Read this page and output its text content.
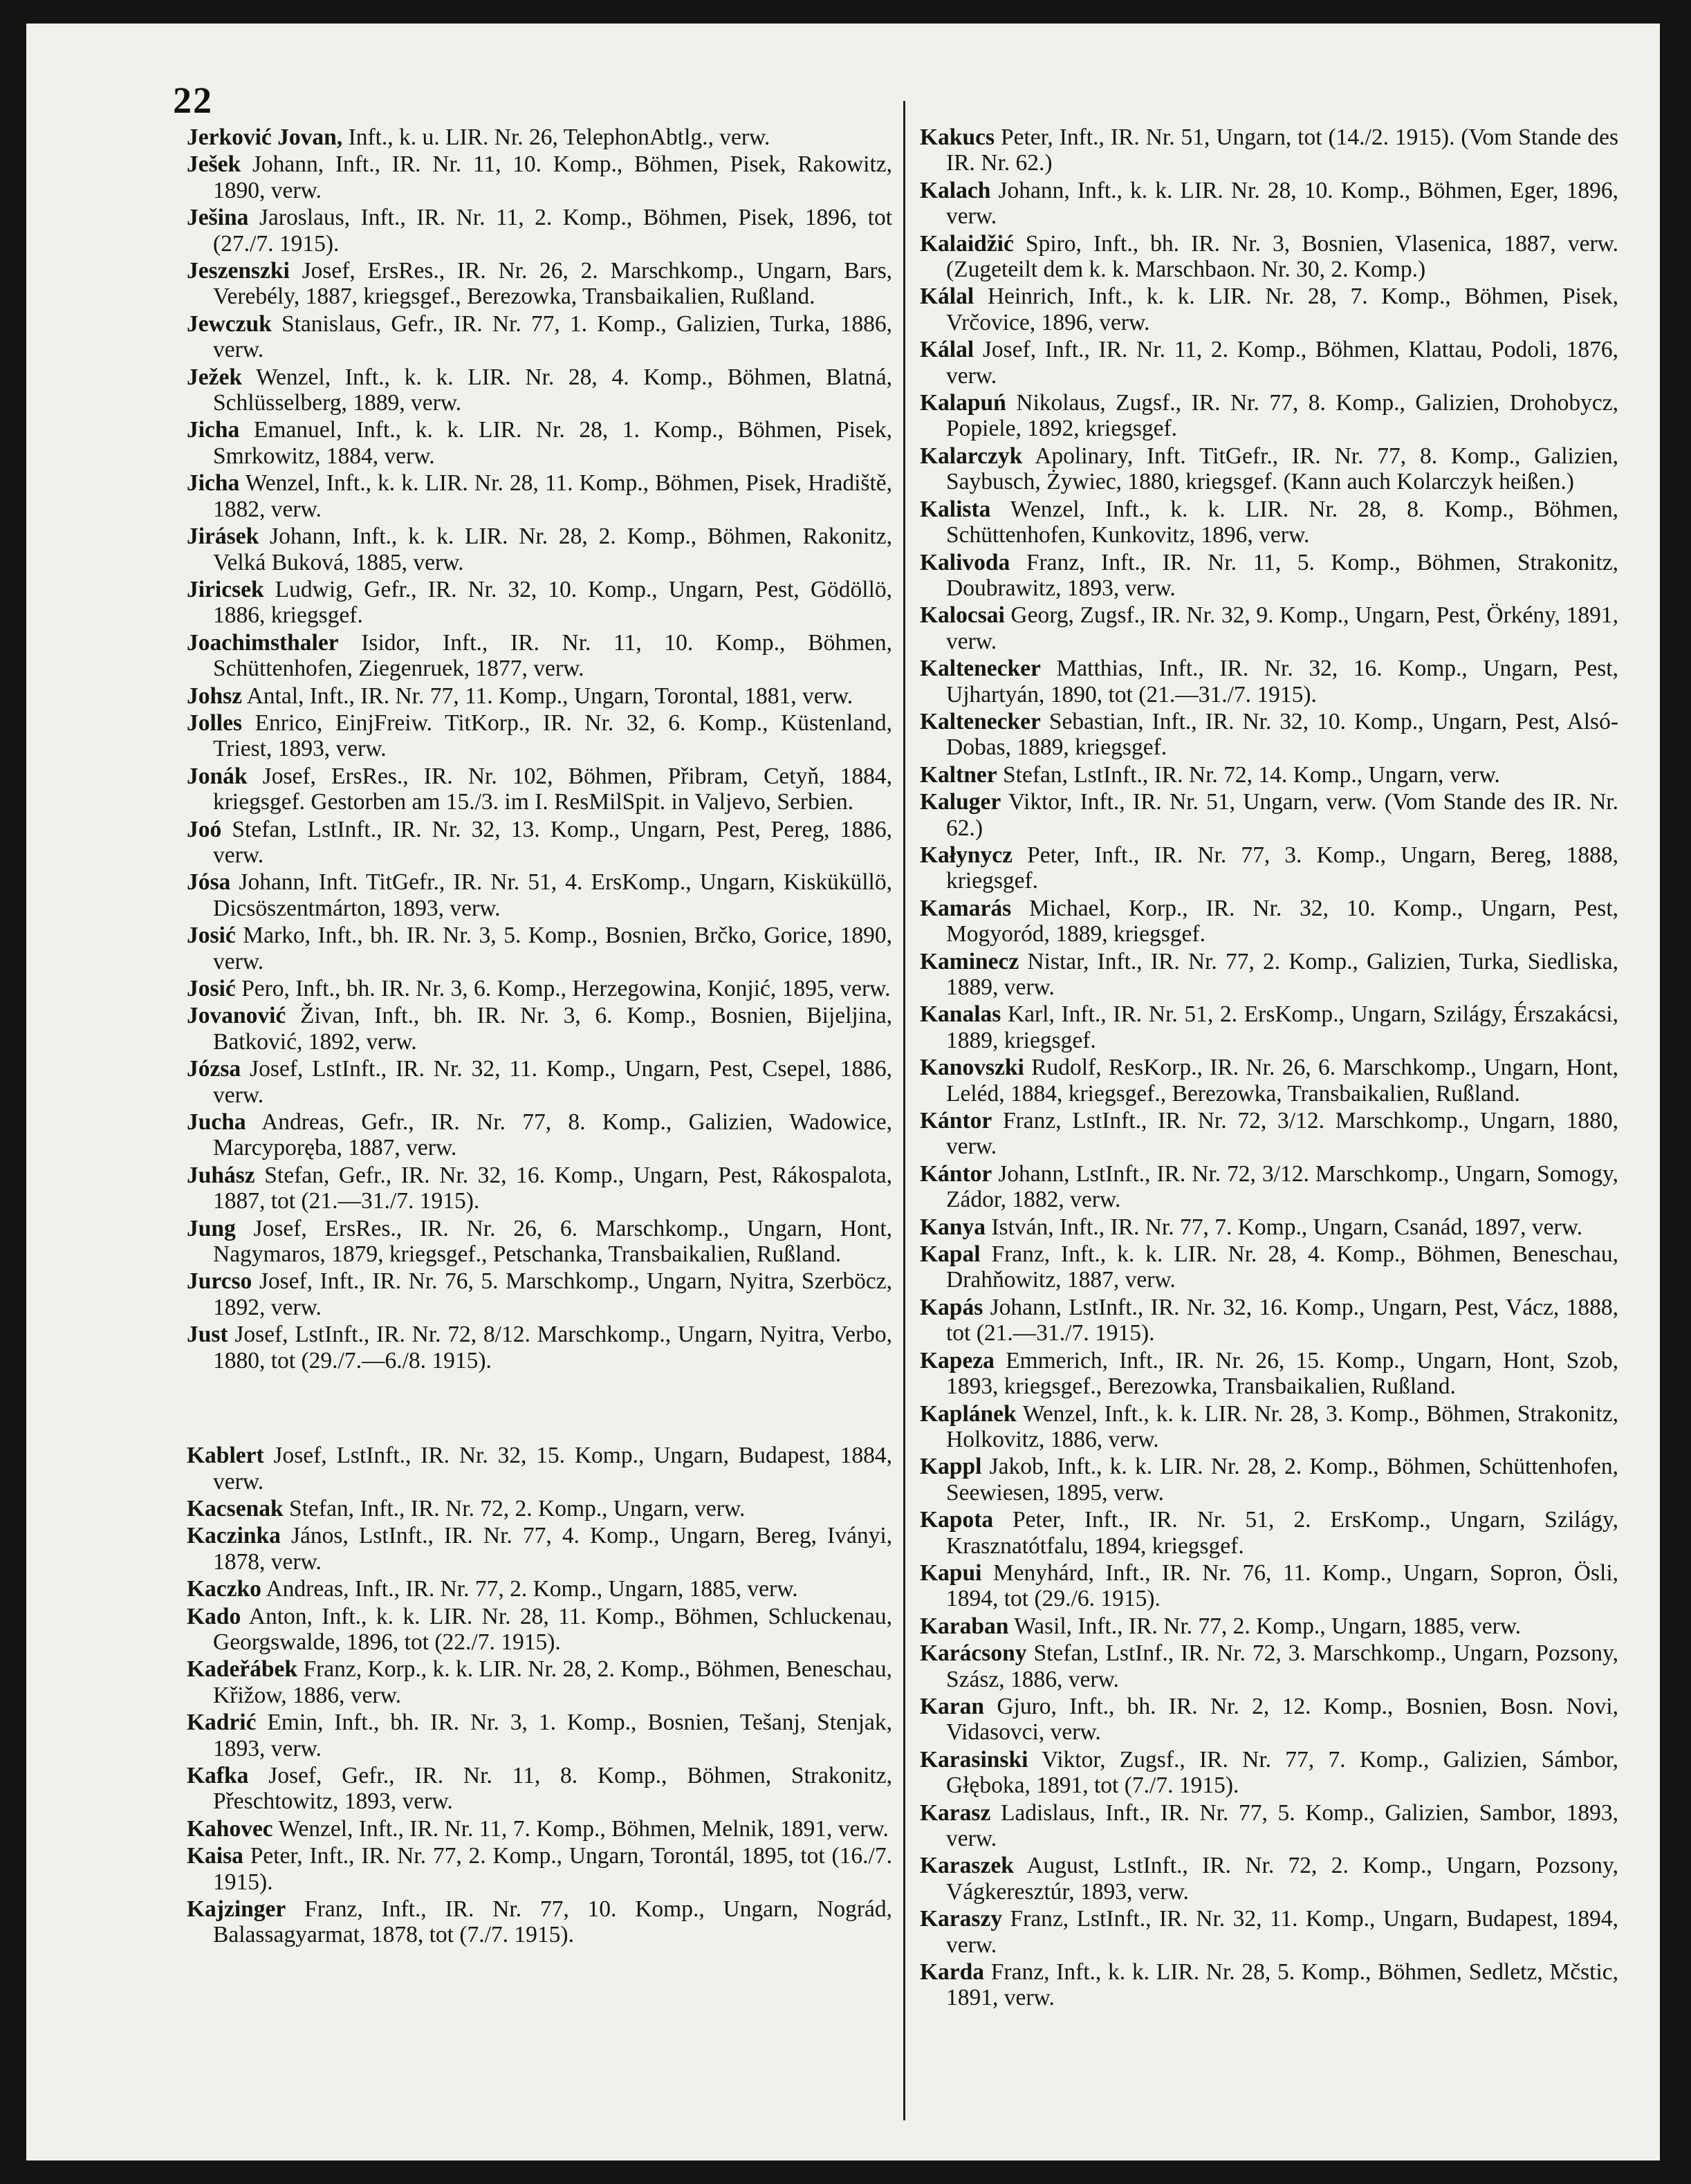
22
Jerković Jovan, Inft., k. u. LIR. Nr. 26, TelephonAbtlg., verw.
Ješek Johann, Inft., IR. Nr. 11, 10. Komp., Böhmen, Pisek, Rakowitz, 1890, verw.
Ješina Jaroslaus, Inft., IR. Nr. 11, 2. Komp., Böhmen, Pisek, 1896, tot (27./7. 1915).
Jeszenszki Josef, ErsRes., IR. Nr. 26, 2. Marschkomp., Ungarn, Bars, Verebély, 1887, kriegsgef., Berezowka, Transbaikalien, Rußland.
Jewczuk Stanislaus, Gefr., IR. Nr. 77, 1. Komp., Galizien, Turka, 1886, verw.
Ježek Wenzel, Inft., k. k. LIR. Nr. 28, 4. Komp., Böhmen, Blatná, Schlüsselberg, 1889, verw.
Jicha Emanuel, Inft., k. k. LIR. Nr. 28, 1. Komp., Böhmen, Pisek, Smrkowitz, 1884, verw.
Jicha Wenzel, Inft., k. k. LIR. Nr. 28, 11. Komp., Böhmen, Pisek, Hradiště, 1882, verw.
Jirásek Johann, Inft., k. k. LIR. Nr. 28, 2. Komp., Böhmen, Rakonitz, Velká Buková, 1885, verw.
Jiricsek Ludwig, Gefr., IR. Nr. 32, 10. Komp., Ungarn, Pest, Gödöllö, 1886, kriegsgef.
Joachimsthaler Isidor, Inft., IR. Nr. 11, 10. Komp., Böhmen, Schüttenhofen, Ziegenruek, 1877, verw.
Johsz Antal, Inft., IR. Nr. 77, 11. Komp., Ungarn, Torontal, 1881, verw.
Jolles Enrico, EinjFreiw. TitKorp., IR. Nr. 32, 6. Komp., Küstenland, Triest, 1893, verw.
Jonák Josef, ErsRes., IR. Nr. 102, Böhmen, Přibram, Cetyň, 1884, kriegsgef. Gestorben am 15./3. im I. ResMilSpit. in Valjevo, Serbien.
Joó Stefan, LstInft., IR. Nr. 32, 13. Komp., Ungarn, Pest, Pereg, 1886, verw.
Jósa Johann, Inft. TitGefr., IR. Nr. 51, 4. ErsKomp., Ungarn, Kisküküllö, Dicsöszentmárton, 1893, verw.
Josić Marko, Inft., bh. IR. Nr. 3, 5. Komp., Bosnien, Brčko, Gorice, 1890, verw.
Josić Pero, Inft., bh. IR. Nr. 3, 6. Komp., Herzegowina, Konjić, 1895, verw.
Jovanović Živan, Inft., bh. IR. Nr. 3, 6. Komp., Bosnien, Bijeljina, Batković, 1892, verw.
Józsa Josef, LstInft., IR. Nr. 32, 11. Komp., Ungarn, Pest, Csepel, 1886, verw.
Jucha Andreas, Gefr., IR. Nr. 77, 8. Komp., Galizien, Wadowice, Marcyporęba, 1887, verw.
Juhász Stefan, Gefr., IR. Nr. 32, 16. Komp., Ungarn, Pest, Rákospalota, 1887, tot (21.—31./7. 1915).
Jung Josef, ErsRes., IR. Nr. 26, 6. Marschkomp., Ungarn, Hont, Nagymaros, 1879, kriegsgef., Petschanka, Transbaikalien, Rußland.
Jurcso Josef, Inft., IR. Nr. 76, 5. Marschkomp., Ungarn, Nyitra, Szerböcz, 1892, verw.
Just Josef, LstInft., IR. Nr. 72, 8/12. Marschkomp., Ungarn, Nyitra, Verbo, 1880, tot (29./7.—6./8. 1915).
Kablert Josef, LstInft., IR. Nr. 32, 15. Komp., Ungarn, Budapest, 1884, verw.
Kacsenak Stefan, Inft., IR. Nr. 72, 2. Komp., Ungarn, verw.
Kaczinka János, LstInft., IR. Nr. 77, 4. Komp., Ungarn, Bereg, Iványi, 1878, verw.
Kaczko Andreas, Inft., IR. Nr. 77, 2. Komp., Ungarn, 1885, verw.
Kado Anton, Inft., k. k. LIR. Nr. 28, 11. Komp., Böhmen, Schluckenau, Georgswalde, 1896, tot (22./7. 1915).
Kadeřábek Franz, Korp., k. k. LIR. Nr. 28, 2. Komp., Böhmen, Beneschau, Křižow, 1886, verw.
Kadrić Emin, Inft., bh. IR. Nr. 3, 1. Komp., Bosnien, Tešanj, Stenjak, 1893, verw.
Kafka Josef, Gefr., IR. Nr. 11, 8. Komp., Böhmen, Strakonitz, Přeschtowitz, 1893, verw.
Kahovec Wenzel, Inft., IR. Nr. 11, 7. Komp., Böhmen, Melnik, 1891, verw.
Kaisa Peter, Inft., IR. Nr. 77, 2. Komp., Ungarn, Torontál, 1895, tot (16./7. 1915).
Kajzinger Franz, Inft., IR. Nr. 77, 10. Komp., Ungarn, Nográd, Balassagyarmat, 1878, tot (7./7. 1915).
Kakucs Peter, Inft., IR. Nr. 51, Ungarn, tot (14./2. 1915). (Vom Stande des IR. Nr. 62.)
Kalach Johann, Inft., k. k. LIR. Nr. 28, 10. Komp., Böhmen, Eger, 1896, verw.
Kalaidžić Spiro, Inft., bh. IR. Nr. 3, Bosnien, Vlasenica, 1887, verw. (Zugeteilt dem k. k. Marschbaon. Nr. 30, 2. Komp.)
Kálal Heinrich, Inft., k. k. LIR. Nr. 28, 7. Komp., Böhmen, Pisek, Vrčovice, 1896, verw.
Kálal Josef, Inft., IR. Nr. 11, 2. Komp., Böhmen, Klattau, Podoli, 1876, verw.
Kalapuń Nikolaus, Zugsf., IR. Nr. 77, 8. Komp., Galizien, Drohobycz, Popiele, 1892, kriegsgef.
Kalarczyk Apolinary, Inft. TitGefr., IR. Nr. 77, 8. Komp., Galizien, Saybusch, Żywiec, 1880, kriegsgef. (Kann auch Kolarczyk heißen.)
Kalista Wenzel, Inft., k. k. LIR. Nr. 28, 8. Komp., Böhmen, Schüttenhofen, Kunkovitz, 1896, verw.
Kalivoda Franz, Inft., IR. Nr. 11, 5. Komp., Böhmen, Strakonitz, Doubrawitz, 1893, verw.
Kalocsai Georg, Zugsf., IR. Nr. 32, 9. Komp., Ungarn, Pest, Örkény, 1891, verw.
Kaltenecker Matthias, Inft., IR. Nr. 32, 16. Komp., Ungarn, Pest, Ujhartyán, 1890, tot (21.—31./7. 1915).
Kaltenecker Sebastian, Inft., IR. Nr. 32, 10. Komp., Ungarn, Pest, Alsó-Dobas, 1889, kriegsgef.
Kaltner Stefan, LstInft., IR. Nr. 72, 14. Komp., Ungarn, verw.
Kaluger Viktor, Inft., IR. Nr. 51, Ungarn, verw. (Vom Stande des IR. Nr. 62.)
Kałynycz Peter, Inft., IR. Nr. 77, 3. Komp., Ungarn, Bereg, 1888, kriegsgef.
Kamarás Michael, Korp., IR. Nr. 32, 10. Komp., Ungarn, Pest, Mogyoród, 1889, kriegsgef.
Kaminecz Nistar, Inft., IR. Nr. 77, 2. Komp., Galizien, Turka, Siedliska, 1889, verw.
Kanalas Karl, Inft., IR. Nr. 51, 2. ErsKomp., Ungarn, Szilágy, Érszakácsi, 1889, kriegsgef.
Kanovszki Rudolf, ResKorp., IR. Nr. 26, 6. Marschkomp., Ungarn, Hont, Leléd, 1884, kriegsgef., Berezowka, Transbaikalien, Rußland.
Kántor Franz, LstInft., IR. Nr. 72, 3/12. Marschkomp., Ungarn, 1880, verw.
Kántor Johann, LstInft., IR. Nr. 72, 3/12. Marschkomp., Ungarn, Somogy, Zádor, 1882, verw.
Kanya István, Inft., IR. Nr. 77, 7. Komp., Ungarn, Csanád, 1897, verw.
Kapal Franz, Inft., k. k. LIR. Nr. 28, 4. Komp., Böhmen, Beneschau, Drahňowitz, 1887, verw.
Kapás Johann, LstInft., IR. Nr. 32, 16. Komp., Ungarn, Pest, Vácz, 1888, tot (21.—31./7. 1915).
Kapeza Emmerich, Inft., IR. Nr. 26, 15. Komp., Ungarn, Hont, Szob, 1893, kriegsgef., Berezowka, Transbaikalien, Rußland.
Kaplánek Wenzel, Inft., k. k. LIR. Nr. 28, 3. Komp., Böhmen, Strakonitz, Holkovitz, 1886, verw.
Kappl Jakob, Inft., k. k. LIR. Nr. 28, 2. Komp., Böhmen, Schüttenhofen, Seewiesen, 1895, verw.
Kapota Peter, Inft., IR. Nr. 51, 2. ErsKomp., Ungarn, Szilágy, Krasznatótfalu, 1894, kriegsgef.
Kapui Menyhárd, Inft., IR. Nr. 76, 11. Komp., Ungarn, Sopron, Ösli, 1894, tot (29./6. 1915).
Karaban Wasil, Inft., IR. Nr. 77, 2. Komp., Ungarn, 1885, verw.
Karácsony Stefan, LstInf., IR. Nr. 72, 3. Marschkomp., Ungarn, Pozsony, Szász, 1886, verw.
Karan Gjuro, Inft., bh. IR. Nr. 2, 12. Komp., Bosnien, Bosn. Novi, Vidasovci, verw.
Karasinski Viktor, Zugsf., IR. Nr. 77, 7. Komp., Galizien, Sámbor, Głęboka, 1891, tot (7./7. 1915).
Karasz Ladislaus, Inft., IR. Nr. 77, 5. Komp., Galizien, Sambor, 1893, verw.
Karaszek August, LstInft., IR. Nr. 72, 2. Komp., Ungarn, Pozsony, Vágkeresztúr, 1893, verw.
Karaszy Franz, LstInft., IR. Nr. 32, 11. Komp., Ungarn, Budapest, 1894, verw.
Karda Franz, Inft., k. k. LIR. Nr. 28, 5. Komp., Böhmen, Sedletz, Mčstic, 1891, verw.
